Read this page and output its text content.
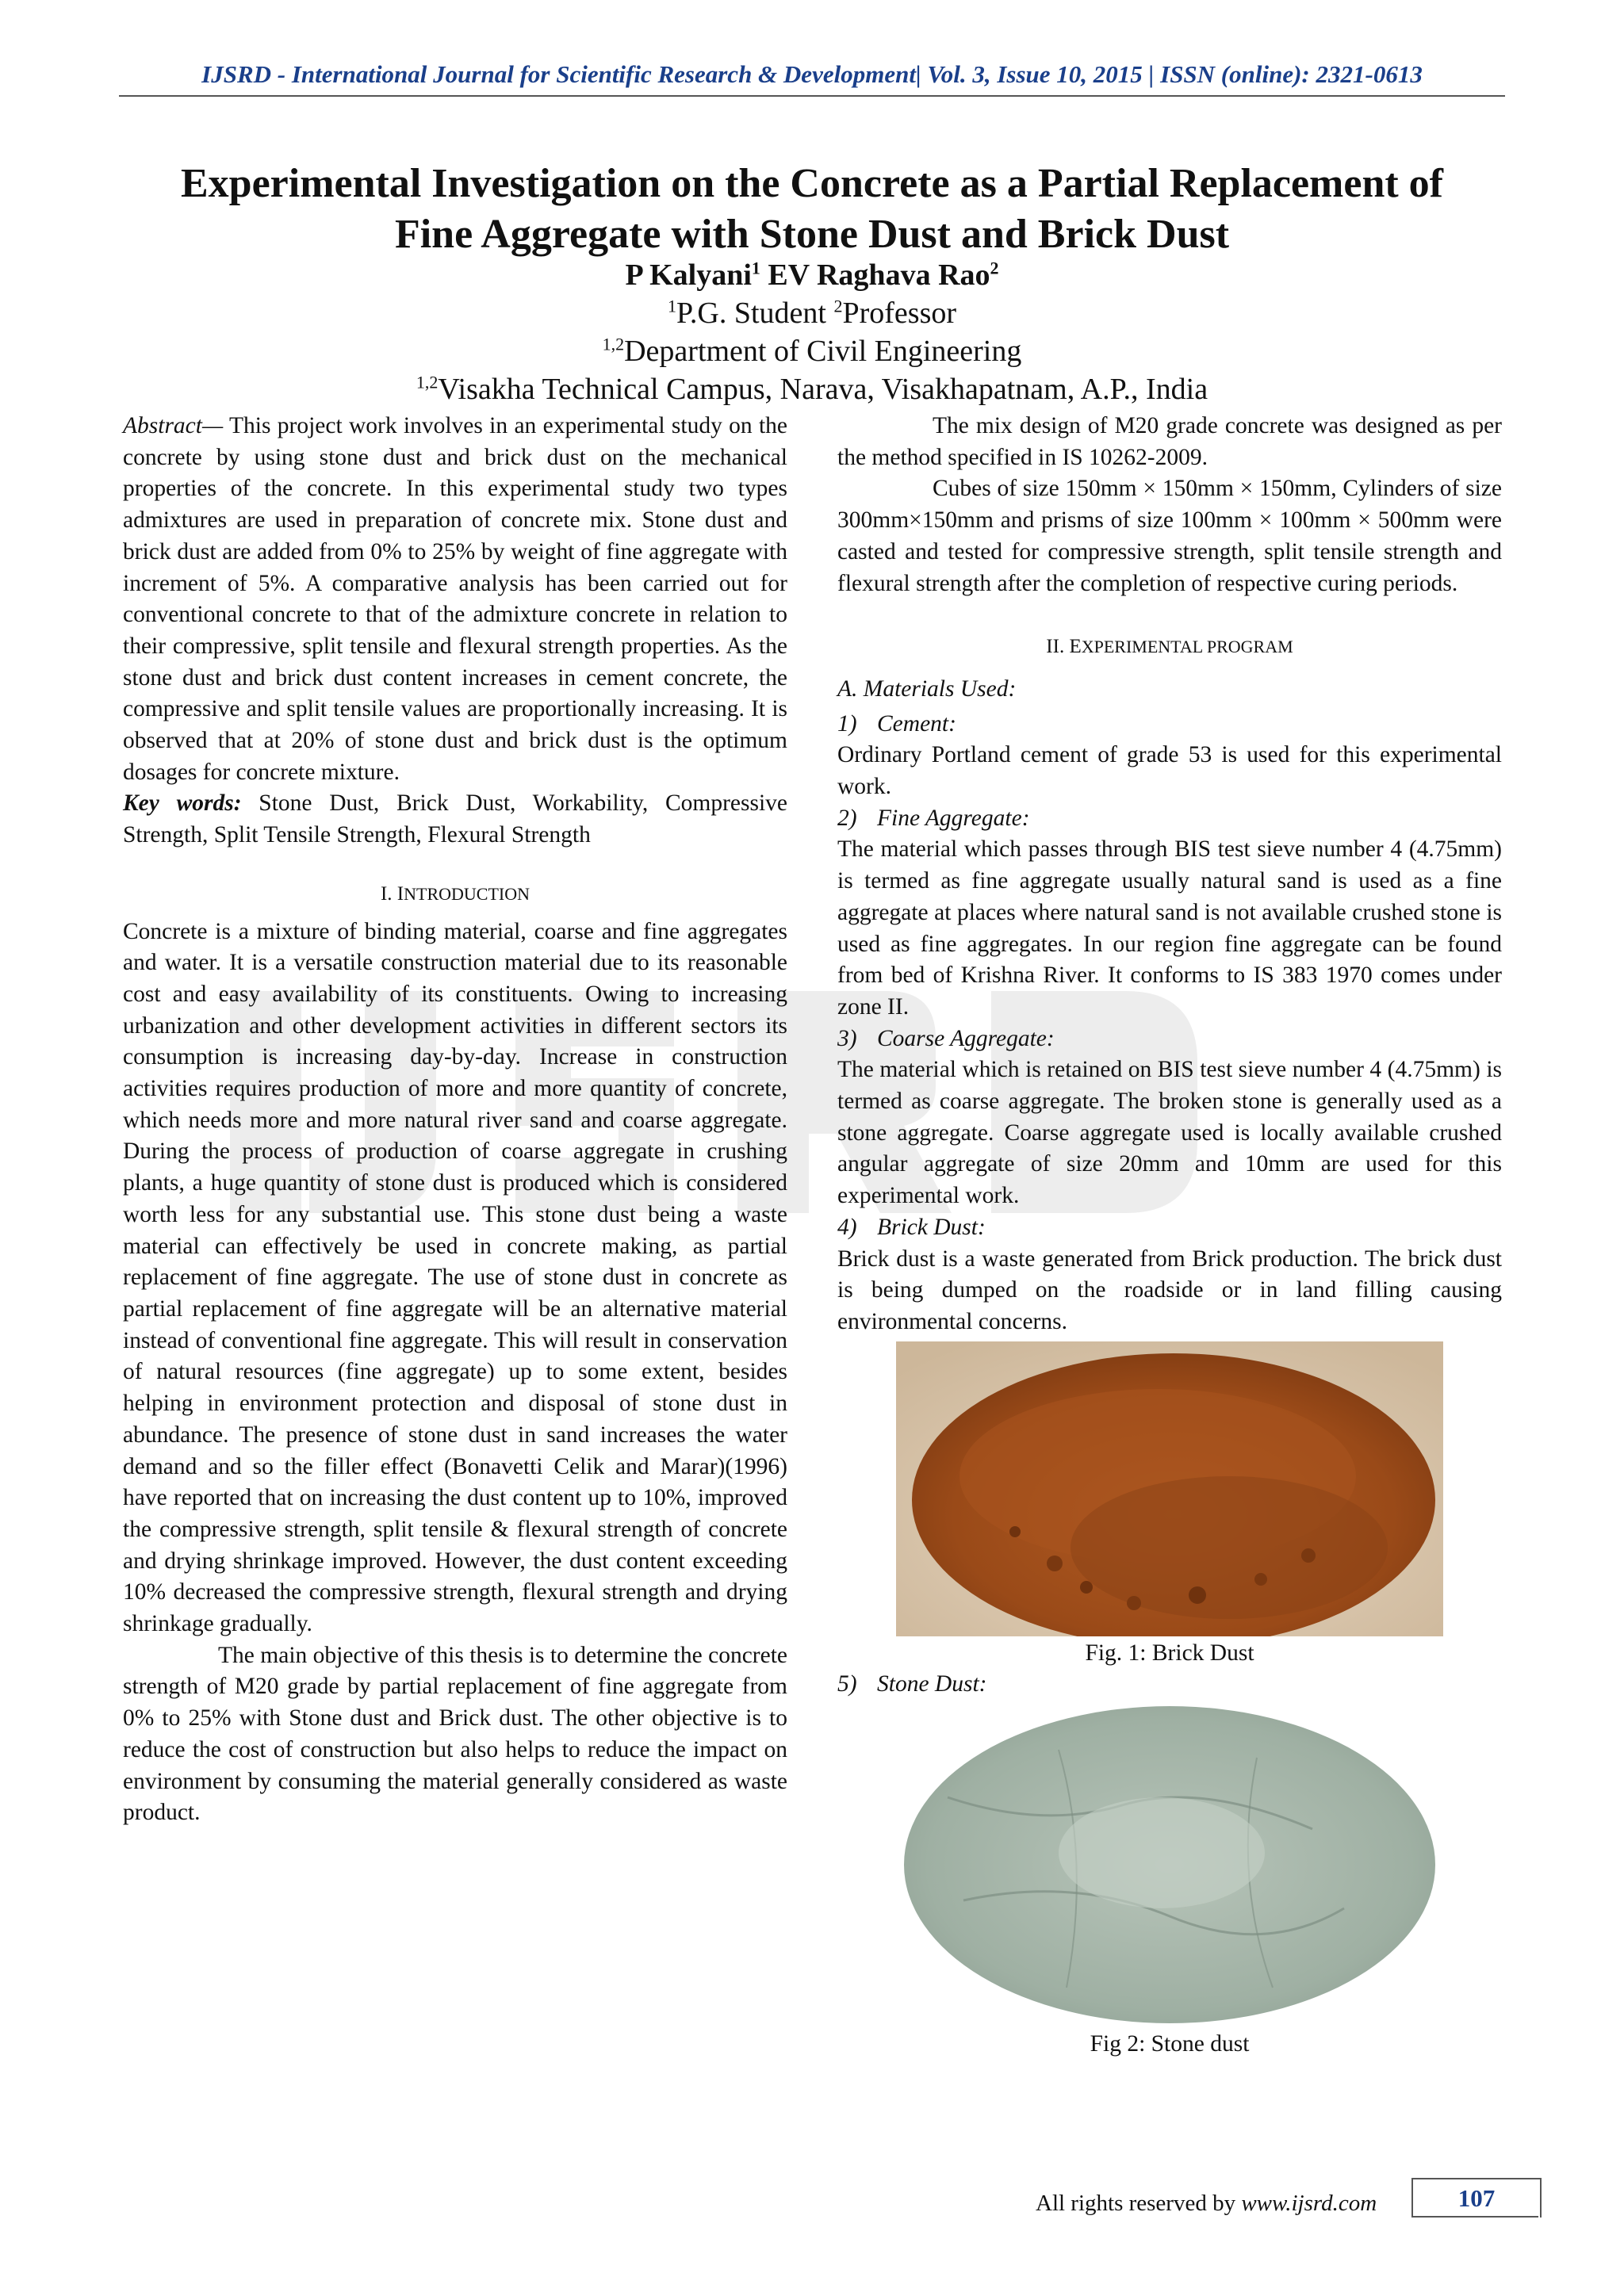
IJSRD - International Journal for Scientific Research & Development| Vol. 3, Issue 10, 2015 | ISSN (online): 2321-0613
Experimental Investigation on the Concrete as a Partial Replacement of
Fine Aggregate with Stone Dust and Brick Dust
P Kalyani$^1$ EV Raghava Rao$^2$
$^1$P.G. Student $^2$Professor
$^{1,2}$Department of Civil Engineering
$^{1,2}$Visakha Technical Campus, Narava, Visakhapatnam, A.P., India

Abstract— This project work involves in an experimental study on the concrete by using stone dust and brick dust on the mechanical properties of the concrete. In this experimental study two types admixtures are used in preparation of concrete mix. Stone dust and brick dust are added from 0% to 25% by weight of fine aggregate with increment of 5%. A comparative analysis has been carried out for conventional concrete to that of the admixture concrete in relation to their compressive, split tensile and flexural strength properties. As the stone dust and brick dust content increases in cement concrete, the compressive and split tensile values are proportionally increasing. It is observed that at 20% of stone dust and brick dust is the optimum dosages for concrete mixture.

Key words: Stone Dust, Brick Dust, Workability, Compressive Strength, Split Tensile Strength, Flexural Strength

I. INTRODUCTION

Concrete is a mixture of binding material, coarse and fine aggregates and water. It is a versatile construction material due to its reasonable cost and easy availability of its constituents. Owing to increasing urbanization and other development activities in different sectors its consumption is increasing day-by-day. Increase in construction activities requires production of more and more quantity of concrete, which needs more and more natural river sand and coarse aggregate. During the process of production of coarse aggregate in crushing plants, a huge quantity of stone dust is produced which is considered worth less for any substantial use. This stone dust being a waste material can effectively be used in concrete making, as partial replacement of fine aggregate. The use of stone dust in concrete as partial replacement of fine aggregate will be an alternative material instead of conventional fine aggregate. This will result in conservation of natural resources (fine aggregate) up to some extent, besides helping in environment protection and disposal of stone dust in abundance. The presence of stone dust in sand increases the water demand and so the filler effect (Bonavetti Celik and Marar)(1996) have reported that on increasing the dust content up to 10%, improved the compressive strength, split tensile & flexural strength of concrete and drying shrinkage improved. However, the dust content exceeding 10% decreased the compressive strength, flexural strength and drying shrinkage gradually.

The main objective of this thesis is to determine the concrete strength of M20 grade by partial replacement of fine aggregate from 0% to 25% with Stone dust and Brick dust. The other objective is to reduce the cost of construction but also helps to reduce the impact on environment by consuming the material generally considered as waste product.

The mix design of M20 grade concrete was designed as per the method specified in IS 10262-2009.

Cubes of size 150mm × 150mm × 150mm, Cylinders of size 300mm×150mm and prisms of size 100mm × 100mm × 500mm were casted and tested for compressive strength, split tensile strength and flexural strength after the completion of respective curing periods.

II. EXPERIMENTAL PROGRAM

A. Materials Used:

1) Cement:

Ordinary Portland cement of grade 53 is used for this experimental work.

2) Fine Aggregate:

The material which passes through BIS test sieve number 4 (4.75mm) is termed as fine aggregate usually natural sand is used as a fine aggregate at places where natural sand is not available crushed stone is used as fine aggregates. In our region fine aggregate can be found from bed of Krishna River. It conforms to IS 383 1970 comes under zone II.

3) Coarse Aggregate:

The material which is retained on BIS test sieve number 4 (4.75mm) is termed as coarse aggregate. The broken stone is generally used as a stone aggregate. Coarse aggregate used is locally available crushed angular aggregate of size 20mm and 10mm are used for this experimental work.

4) Brick Dust:

Brick dust is a waste generated from Brick production. The brick dust is being dumped on the roadside or in land filling causing environmental concerns.

Fig. 1: Brick Dust

5) Stone Dust:

Fig 2: Stone dust

All rights reserved by www.ijsrd.com	107
